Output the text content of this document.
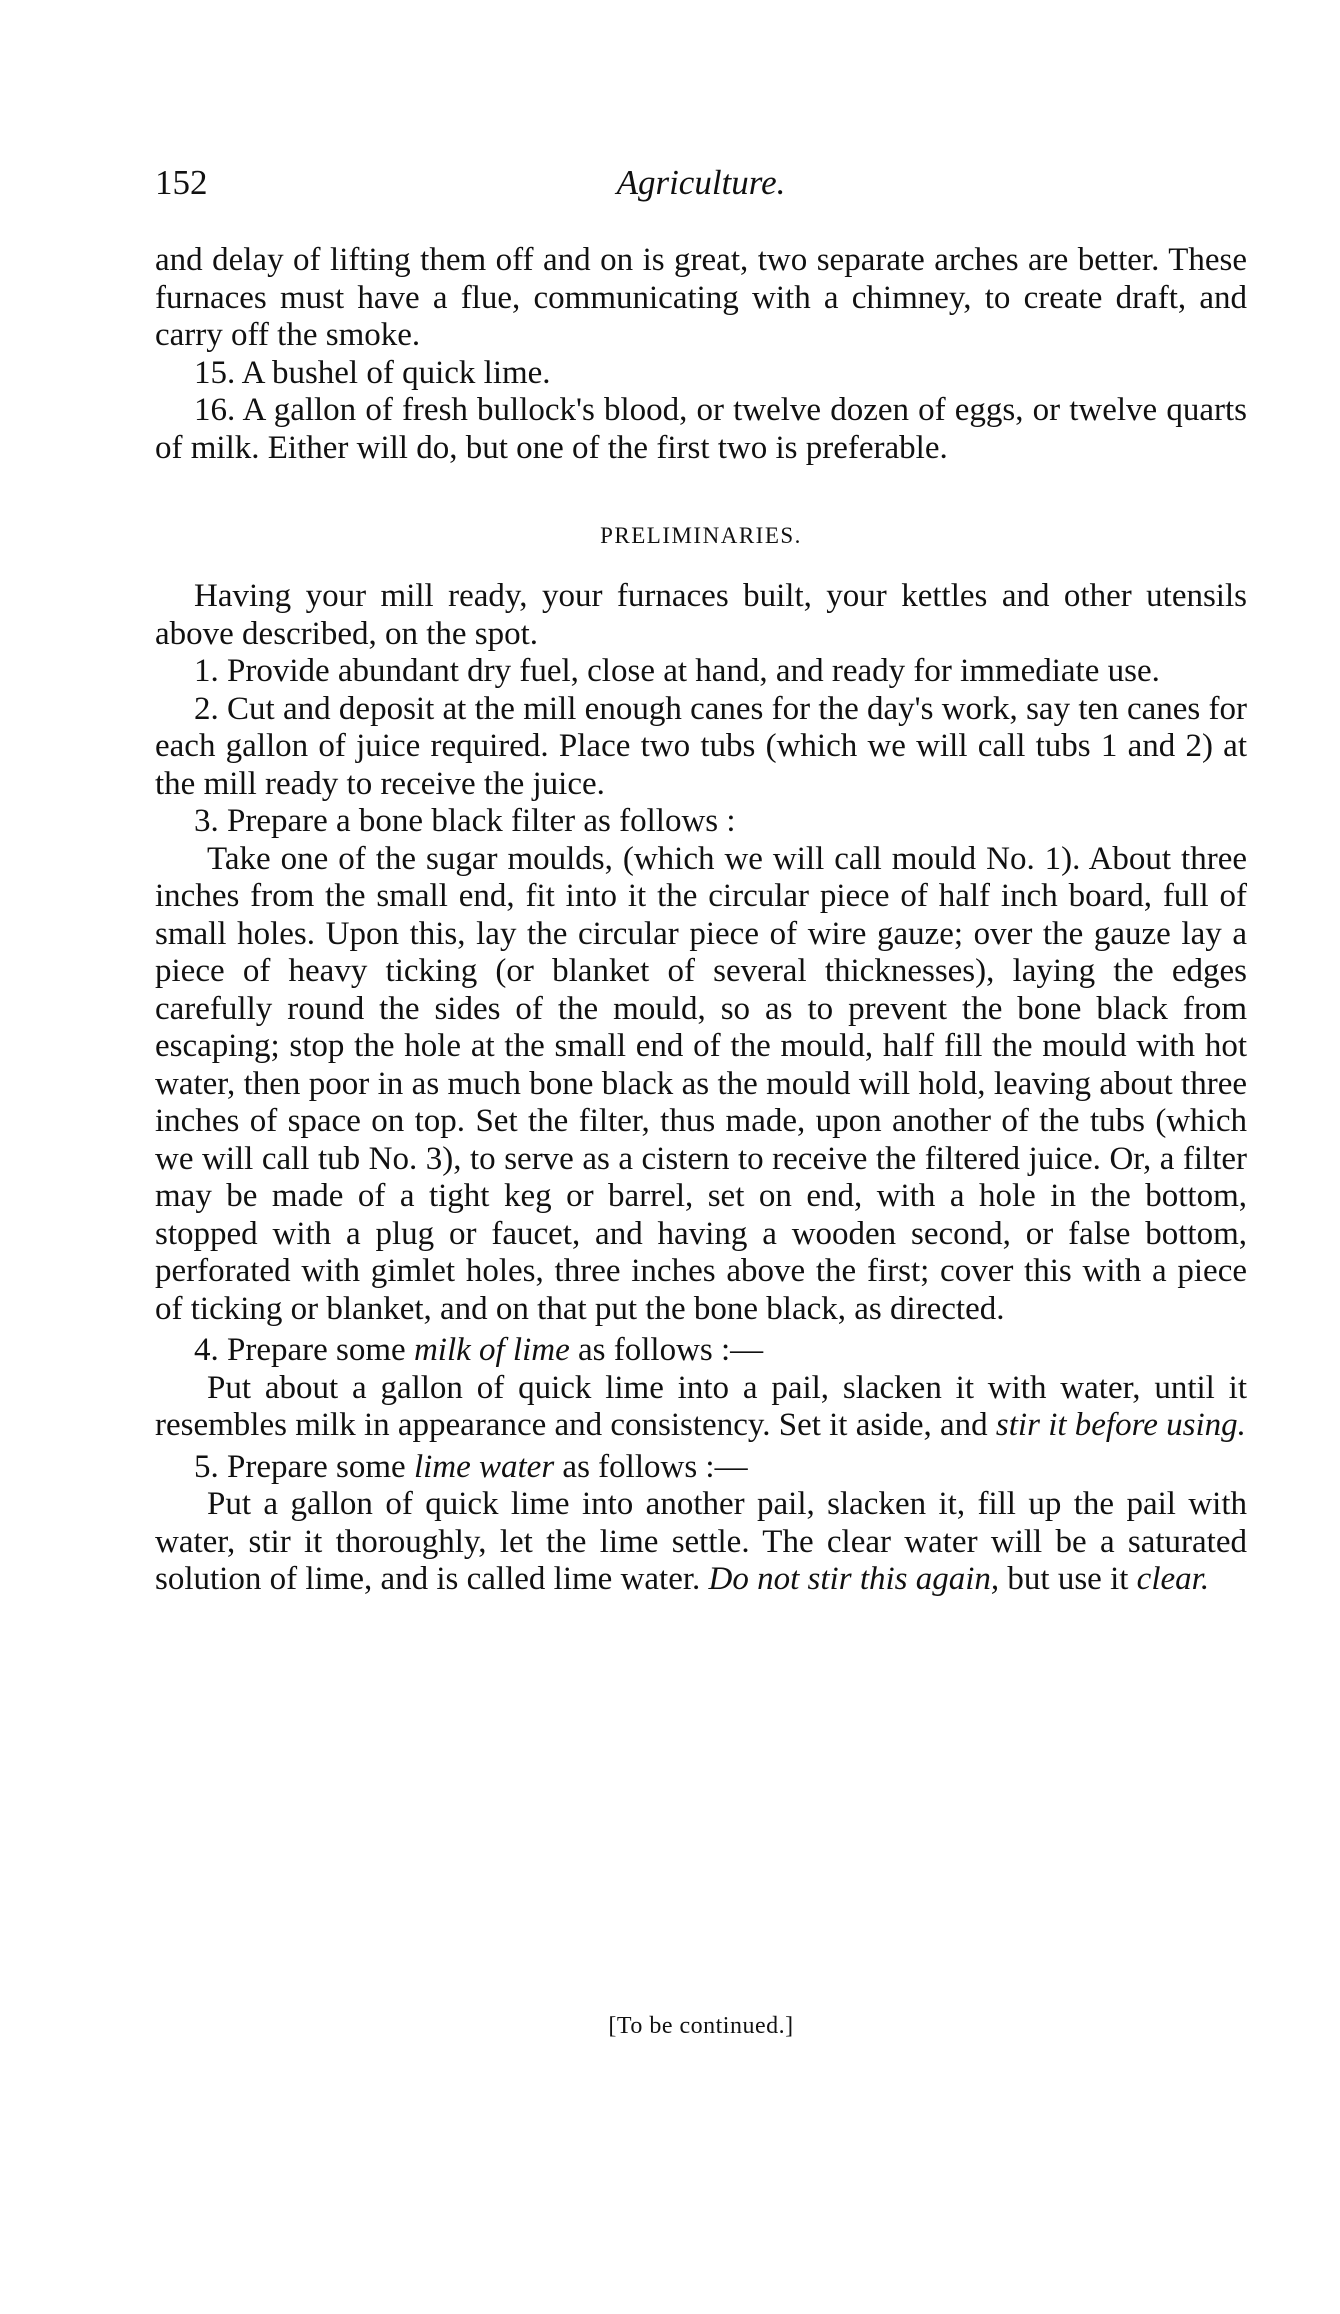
152	Agriculture.

and delay of lifting them off and on is great, two separate arches are better. These furnaces must have a flue, communicating with a chimney, to create draft, and carry off the smoke.

15. A bushel of quick lime.

16. A gallon of fresh bullock's blood, or twelve dozen of eggs, or twelve quarts of milk. Either will do, but one of the first two is preferable.

PRELIMINARIES.

Having your mill ready, your furnaces built, your kettles and other utensils above described, on the spot.

1. Provide abundant dry fuel, close at hand, and ready for immediate use.

2. Cut and deposit at the mill enough canes for the day's work, say ten canes for each gallon of juice required. Place two tubs (which we will call tubs 1 and 2) at the mill ready to receive the juice.

3. Prepare a bone black filter as follows :

Take one of the sugar moulds, (which we will call mould No. 1). About three inches from the small end, fit into it the circular piece of half inch board, full of small holes. Upon this, lay the circular piece of wire gauze; over the gauze lay a piece of heavy ticking (or blanket of several thicknesses), laying the edges carefully round the sides of the mould, so as to prevent the bone black from escaping; stop the hole at the small end of the mould, half fill the mould with hot water, then poor in as much bone black as the mould will hold, leaving about three inches of space on top. Set the filter, thus made, upon another of the tubs (which we will call tub No. 3), to serve as a cistern to receive the filtered juice. Or, a filter may be made of a tight keg or barrel, set on end, with a hole in the bottom, stopped with a plug or faucet, and having a wooden second, or false bottom, perforated with gimlet holes, three inches above the first; cover this with a piece of ticking or blanket, and on that put the bone black, as directed.

4. Prepare some milk of lime as follows :—

Put about a gallon of quick lime into a pail, slacken it with water, until it resembles milk in appearance and consistency. Set it aside, and stir it before using.

5. Prepare some lime water as follows :—

Put a gallon of quick lime into another pail, slacken it, fill up the pail with water, stir it thoroughly, let the lime settle. The clear water will be a saturated solution of lime, and is called lime water. Do not stir this again, but use it clear.

[To be continued.]
